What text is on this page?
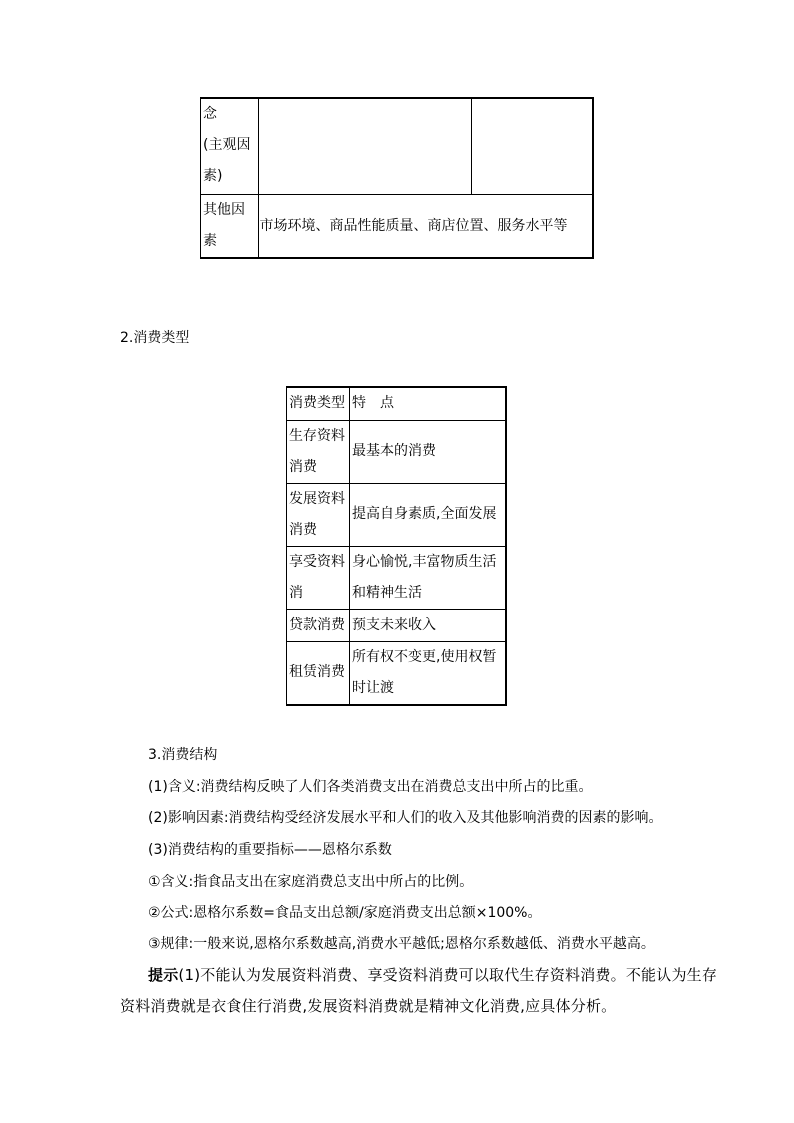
念
(主观因
素)		
其他因
素	市场环境、商品性能质量、商店位置、服务水平等	
2.消费类型
消费类型	特　点
生存资料
消费	最基本的消费
发展资料
消费	提高自身素质,全面发展
享受资料
消	身心愉悦,丰富物质生活
和精神生活
贷款消费	预支未来收入
租赁消费	所有权不变更,使用权暂
时让渡
3.消费结构
(1)含义:消费结构反映了人们各类消费支出在消费总支出中所占的比重。
(2)影响因素:消费结构受经济发展水平和人们的收入及其他影响消费的因素的影响。
(3)消费结构的重要指标——恩格尔系数
①含义:指食品支出在家庭消费总支出中所占的比例。
②公式:恩格尔系数=食品支出总额/家庭消费支出总额×100%。
③规律:一般来说,恩格尔系数越高,消费水平越低;恩格尔系数越低、消费水平越高。
提示(1)不能认为发展资料消费、享受资料消费可以取代生存资料消费。不能认为生存
资料消费就是衣食住行消费,发展资料消费就是精神文化消费,应具体分析。
